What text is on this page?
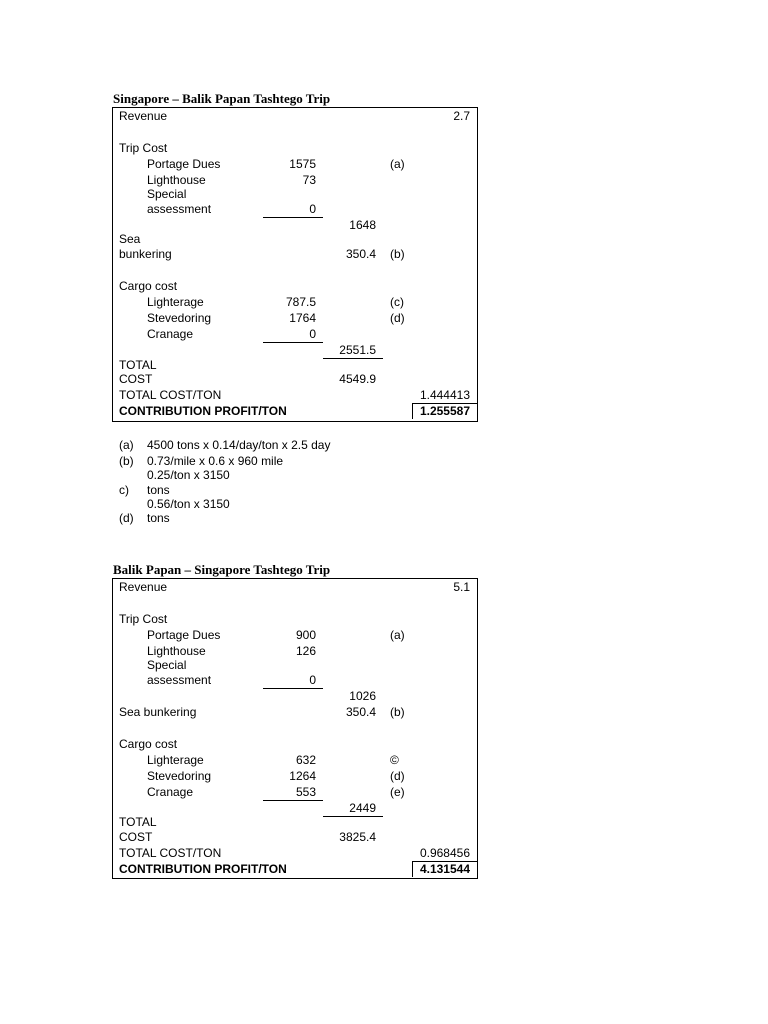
Singapore – Balik Papan Tashtego Trip
Revenue	2.7
Trip Cost
Portage Dues	1575	(a)
Lighthouse	73
Special
assessment	0
1648
Sea
bunkering	350.4 (b)
Cargo cost
Lighterage	787.5	(c)
Stevedoring	1764	(d)
Cranage	0
2551.5
TOTAL
COST	4549.9
TOTAL COST/TON	1.444413
CONTRIBUTION PROFIT/TON	1.255587
(a) 4500 tons x 0.14/day/ton x 2.5 day
(b) 0.73/mile x 0.6 x 960 mile
0.25/ton x 3150
c) tons
0.56/ton x 3150
(d) tons
Balik Papan – Singapore Tashtego Trip
Revenue	5.1
Trip Cost
Portage Dues	900	(a)
Lighthouse	126
Special
assessment	0
1026
Sea bunkering	350.4 (b)
Cargo cost
Lighterage	632	©
Stevedoring	1264	(d)
Cranage	553	(e)
2449
TOTAL
COST	3825.4
TOTAL COST/TON	0.968456
CONTRIBUTION PROFIT/TON	4.131544
